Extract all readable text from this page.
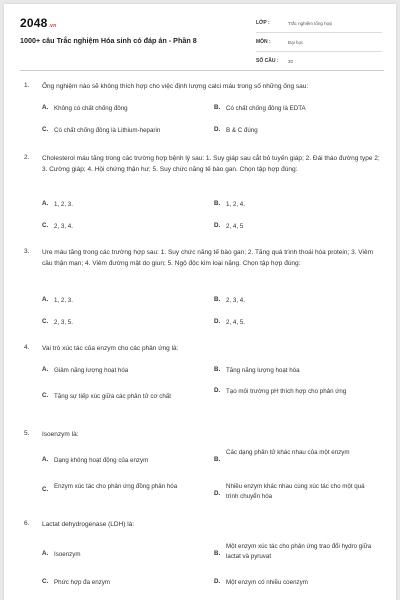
2048.vn
1000+ câu Trắc nghiệm Hóa sinh có đáp án - Phần 8
LỚP :	Trắc nghiệm tổng hợp
MÔN :	Đại học
SỐ CÂU : 30
1. Ống nghiệm nào sẽ không thích hợp cho việc định lượng calci máu trong số những ống sau:
A. Không có chất chống đông	B. Có chất chống đông là EDTA
C. Có chất chống đông là Lithium-heparin	D. B & C đúng
2. Cholesterol máu tăng trong các trường hợp bệnh lý sau: 1. Suy giáp sau cắt bỏ tuyến giáp; 2. Đái tháo đường type 2; 3. Cường giáp; 4. Hội chứng thận hư; 5. Suy chức năng tế bào gan. Chọn tập hợp đúng:
A. 1, 2, 3.	B. 1, 2, 4.
C. 2, 3, 4.	D. 2, 4, 5
3. Ure máu tăng trong các trường hợp sau: 1. Suy chức năng tế bào gan; 2. Tăng quá trình thoái hóa protein; 3. Viêm cầu thận mạn; 4. Viêm đường mật do giun; 5. Ngộ độc kim loại nặng. Chọn tập hợp đúng:
A. 1, 2, 3.	B. 2, 3, 4.
C. 2, 3, 5.	D. 2, 4, 5.
4. Vai trò xúc tác của enzym cho các phản ứng là:
A. Giảm năng lượng hoạt hóa	B. Tăng năng lượng hoạt hóa
C. Tăng sự tiếp xúc giữa các phân tử cơ chất
D. Tạo môi trường pH thích hợp cho phản ứng
5. Isoenzym là:
A. Dạng không hoạt động của enzym	B.
Các dạng phân tử khác nhau của một enzym
C. Enzym xúc tác cho phản ứng đồng phân hóa
D.
Nhiều enzym khác nhau cùng xúc tác cho một quá trình chuyển hóa
6. Lactat dehydrogenase (LDH) là:
A. Isoenzym	B.
Một enzym xúc tác cho phản ứng trao đổi hydro giữa lactat và pyruvat
C. Phức hợp đa enzym	D. Một enzym có nhiều coenzym
